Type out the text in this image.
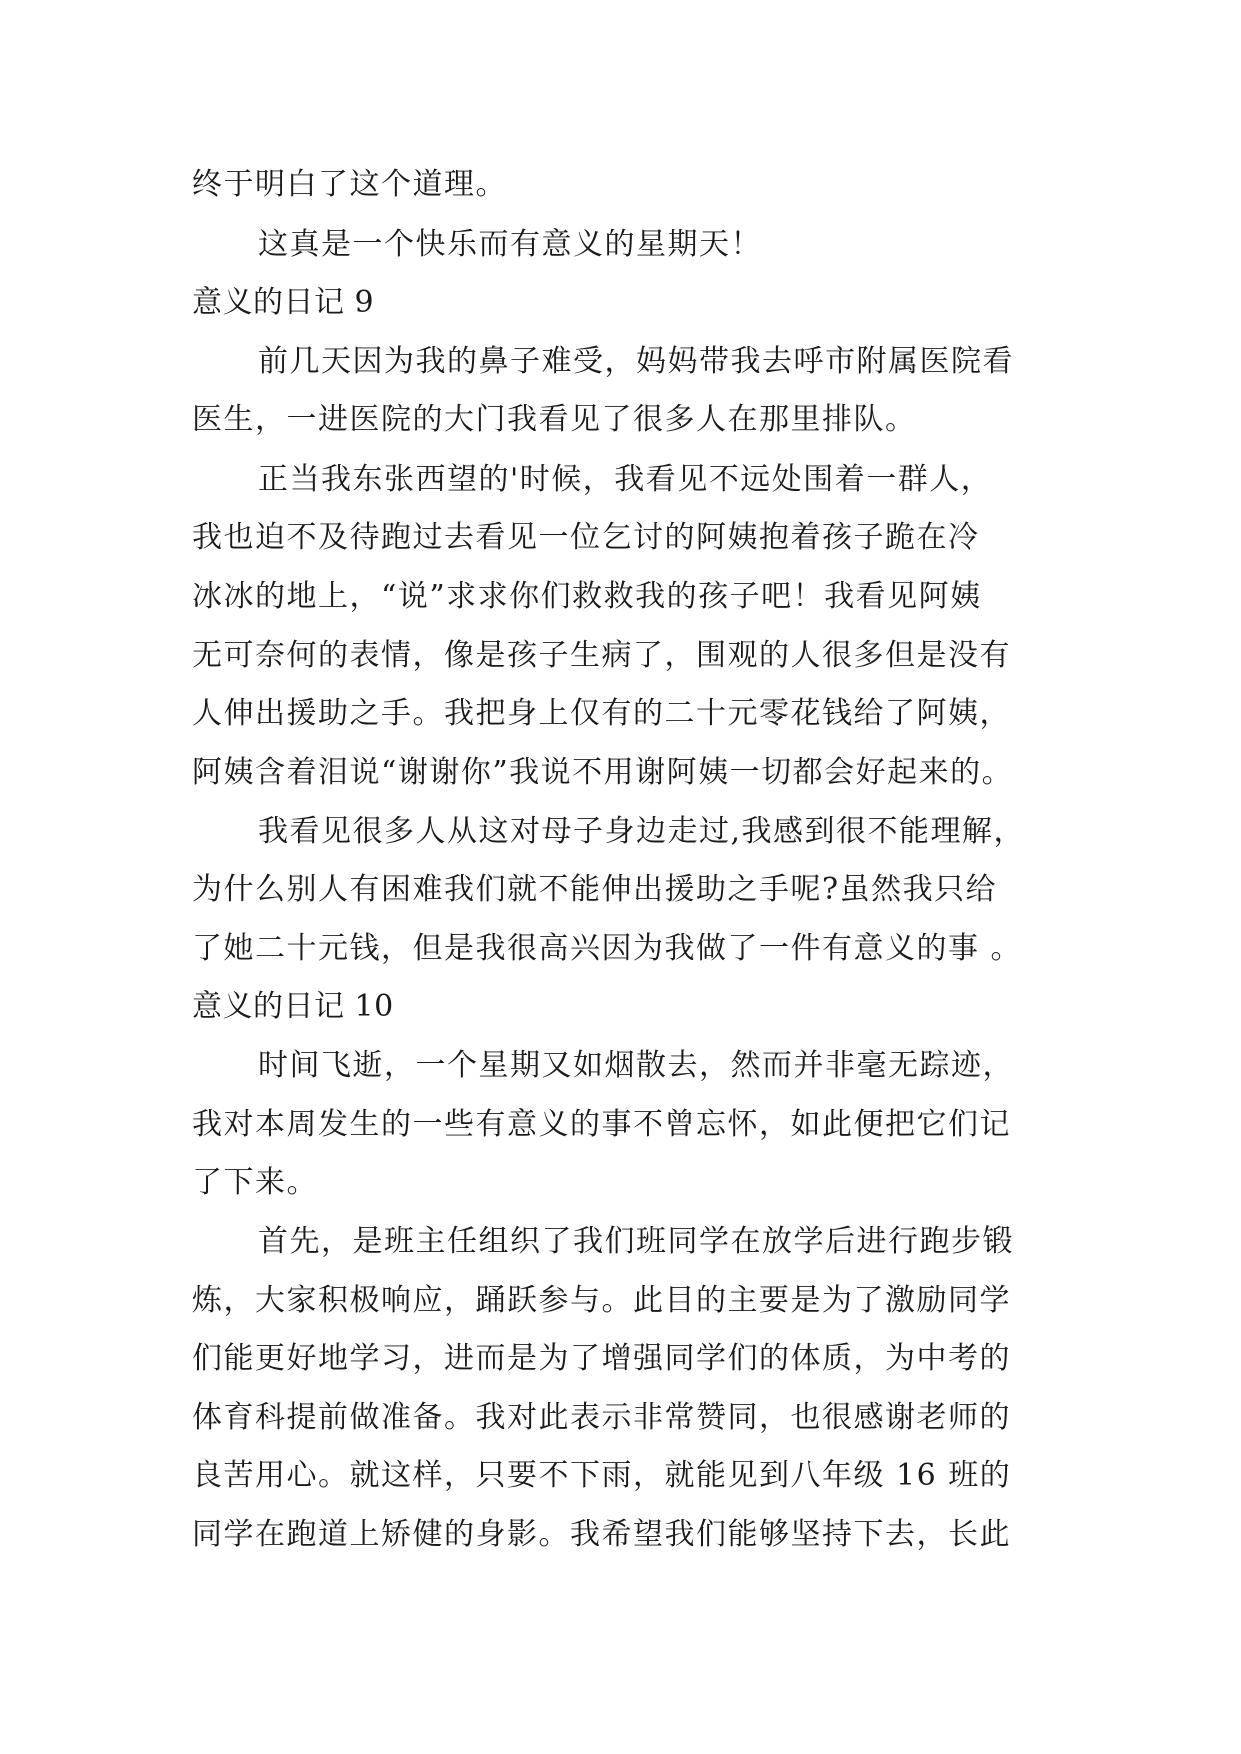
终于明白了这个道理。
这真是一个快乐而有意义的星期天！
意义的日记 9
前几天因为我的鼻子难受，妈妈带我去呼市附属医院看
医生，一进医院的大门我看见了很多人在那里排队。
正当我东张西望的'时候，我看见不远处围着一群人，
我也迫不及待跑过去看见一位乞讨的阿姨抱着孩子跪在冷
冰冰的地上，“说”求求你们救救我的孩子吧！我看见阿姨
无可奈何的表情，像是孩子生病了，围观的人很多但是没有
人伸出援助之手。我把身上仅有的二十元零花钱给了阿姨，
阿姨含着泪说“谢谢你”我说不用谢阿姨一切都会好起来的。
我看见很多人从这对母子身边走过,我感到很不能理解，
为什么别人有困难我们就不能伸出援助之手呢?虽然我只给
了她二十元钱，但是我很高兴因为我做了一件有意义的事 。
意义的日记 10
时间飞逝，一个星期又如烟散去，然而并非毫无踪迹，
我对本周发生的一些有意义的事不曾忘怀，如此便把它们记
了下来。
首先，是班主任组织了我们班同学在放学后进行跑步锻
炼，大家积极响应，踊跃参与。此目的主要是为了激励同学
们能更好地学习，进而是为了增强同学们的体质，为中考的
体育科提前做准备。我对此表示非常赞同，也很感谢老师的
良苦用心。就这样，只要不下雨，就能见到八年级 16 班的
同学在跑道上矫健的身影。我希望我们能够坚持下去，长此
